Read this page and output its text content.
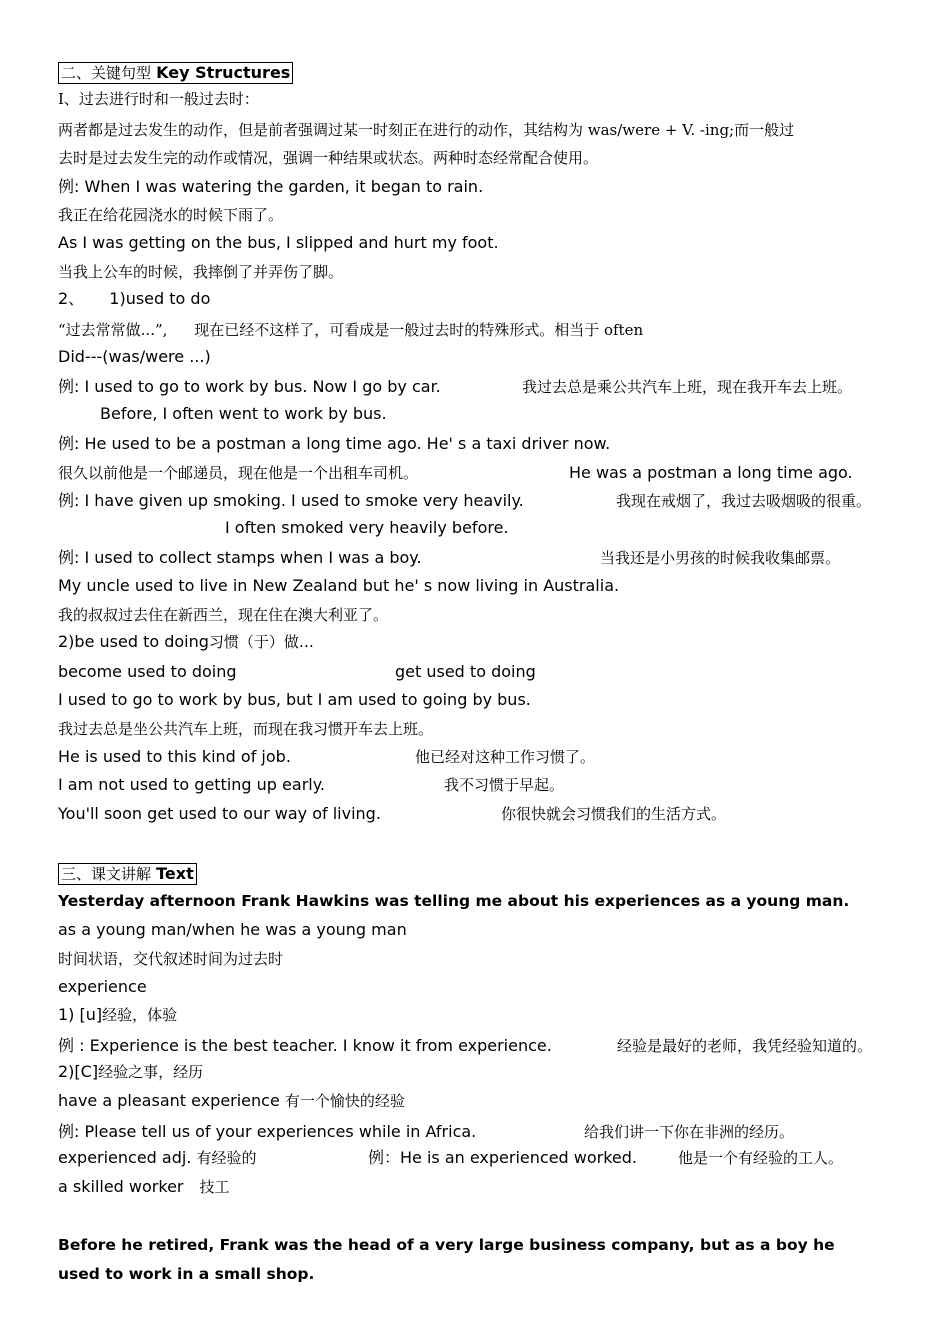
二、关键句型 Key Structures
I、过去进行时和一般过去时：
两者都是过去发生的动作，但是前者强调过某一时刻正在进行的动作，其结构为 was/were + V. -ing;而一般过
去时是过去发生完的动作或情况，强调一种结果或状态。两种时态经常配合使用。
例: When I was watering the garden, it began to rain.
我正在给花园浇水的时候下雨了。
As I was getting on the bus, I slipped and hurt my foot.
当我上公车的时候，我摔倒了并弄伤了脚。
2、 1)used to do
“过去常常做...”, 现在已经不这样了，可看成是一般过去时的特殊形式。相当于 often
Did---(was/were ...)
例: I used to go to work by bus. Now I go by car.	我过去总是乘公共汽车上班，现在我开车去上班。
Before, I often went to work by bus.
例: He used to be a postman a long time ago. He' s a taxi driver now.
很久以前他是一个邮递员，现在他是一个出租车司机。	He was a postman a long time ago.
例: I have given up smoking. I used to smoke very heavily.	我现在戒烟了，我过去吸烟吸的很重。
I often smoked very heavily before.
例: I used to collect stamps when I was a boy.	当我还是小男孩的时候我收集邮票。
My uncle used to live in New Zealand but he' s now living in Australia.
我的叔叔过去住在新西兰，现在住在澳大利亚了。
2)be used to doing习惯（于）做…
become used to doing	get used to doing
I used to go to work by bus, but I am used to going by bus.
我过去总是坐公共汽车上班，而现在我习惯开车去上班。
He is used to this kind of job.	他已经对这种工作习惯了。
I am not used to getting up early.	我不习惯于早起。
You'll soon get used to our way of living.	你很快就会习惯我们的生活方式。
三、课文讲解 Text
Yesterday afternoon Frank Hawkins was telling me about his experiences as a young man.
as a young man/when he was a young man
时间状语，交代叙述时间为过去时
experience
1) [u]经验，体验
例 : Experience is the best teacher. I know it from experience.	经验是最好的老师，我凭经验知道的。
2)[C]经验之事，经历
have a pleasant experience 有一个愉快的经验
例: Please tell us of your experiences while in Africa.	给我们讲一下你在非洲的经历。
experienced adj. 有经验的	例：He is an experienced worked.	他是一个有经验的工人。
a skilled worker 技工
Before he retired, Frank was the head of a very large business company, but as a boy he
used to work in a small shop.
